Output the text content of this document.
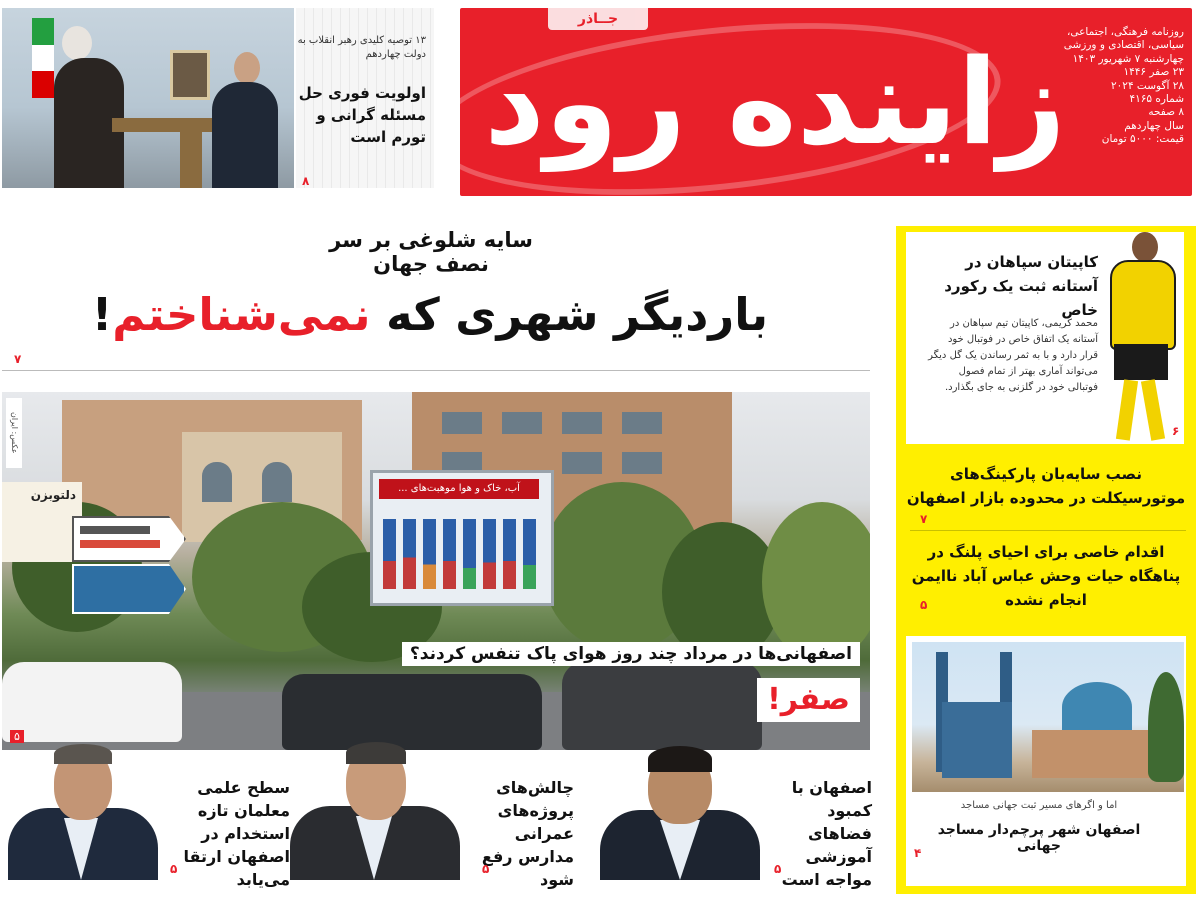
جــاذر
زاینده رود
روزنامه فرهنگی، اجتماعی،
سیاسی، اقتصادی و ورزشی
چهارشنبه ۷ شهریور ۱۴۰۳
۲۳ صفر ۱۴۴۶
۲۸ آگوست ۲۰۲۴
شماره ۴۱۶۵
۸ صفحه
سال چهاردهم
قیمت: ۵۰۰۰ تومان
۱۳ توصیه کلیدی رهبر انقلاب به دولت چهاردهم
اولویت فوری حل مسئله گرانی و تورم است
۸
سایه شلوغی بر سر نصف جهان
باردیگر شهری که نمی‌شناختم!
۷
دلتوبزن	آب، خاک و هوا موهبت‌های ...
عکس: ایران
اصفهانی‌ها در مرداد چند روز هوای پاک تنفس کردند؟
صفر!
۵
اصفهان با کمبود فضاهای آموزشی مواجه است
۵
چالش‌های پروژه‌های عمرانی مدارس رفع شود
۵
سطح علمی معلمان تازه استخدام در اصفهان ارتقا می‌یابد
۵
کاپیتان سپاهان در آستانه ثبت یک رکورد خاص
محمد کریمی، کاپیتان تیم سپاهان در آستانه یک اتفاق خاص در فوتبال خود قرار دارد و با به ثمر رساندن یک گل دیگر می‌تواند آماری بهتر از تمام فصول فوتبالی خود در گلزنی به جای بگذارد.
۶
نصب سایه‌بان پارکینگ‌های موتورسیکلت در محدوده بازار اصفهان
۷
اقدام خاصی برای احیای پلنگ در پناهگاه حیات وحش عباس آباد ناایمن انجام نشده
۵
اما و اگرهای مسیر ثبت جهانی مساجد
اصفهان شهر پرچم‌دار مساجد جهانی
۴
